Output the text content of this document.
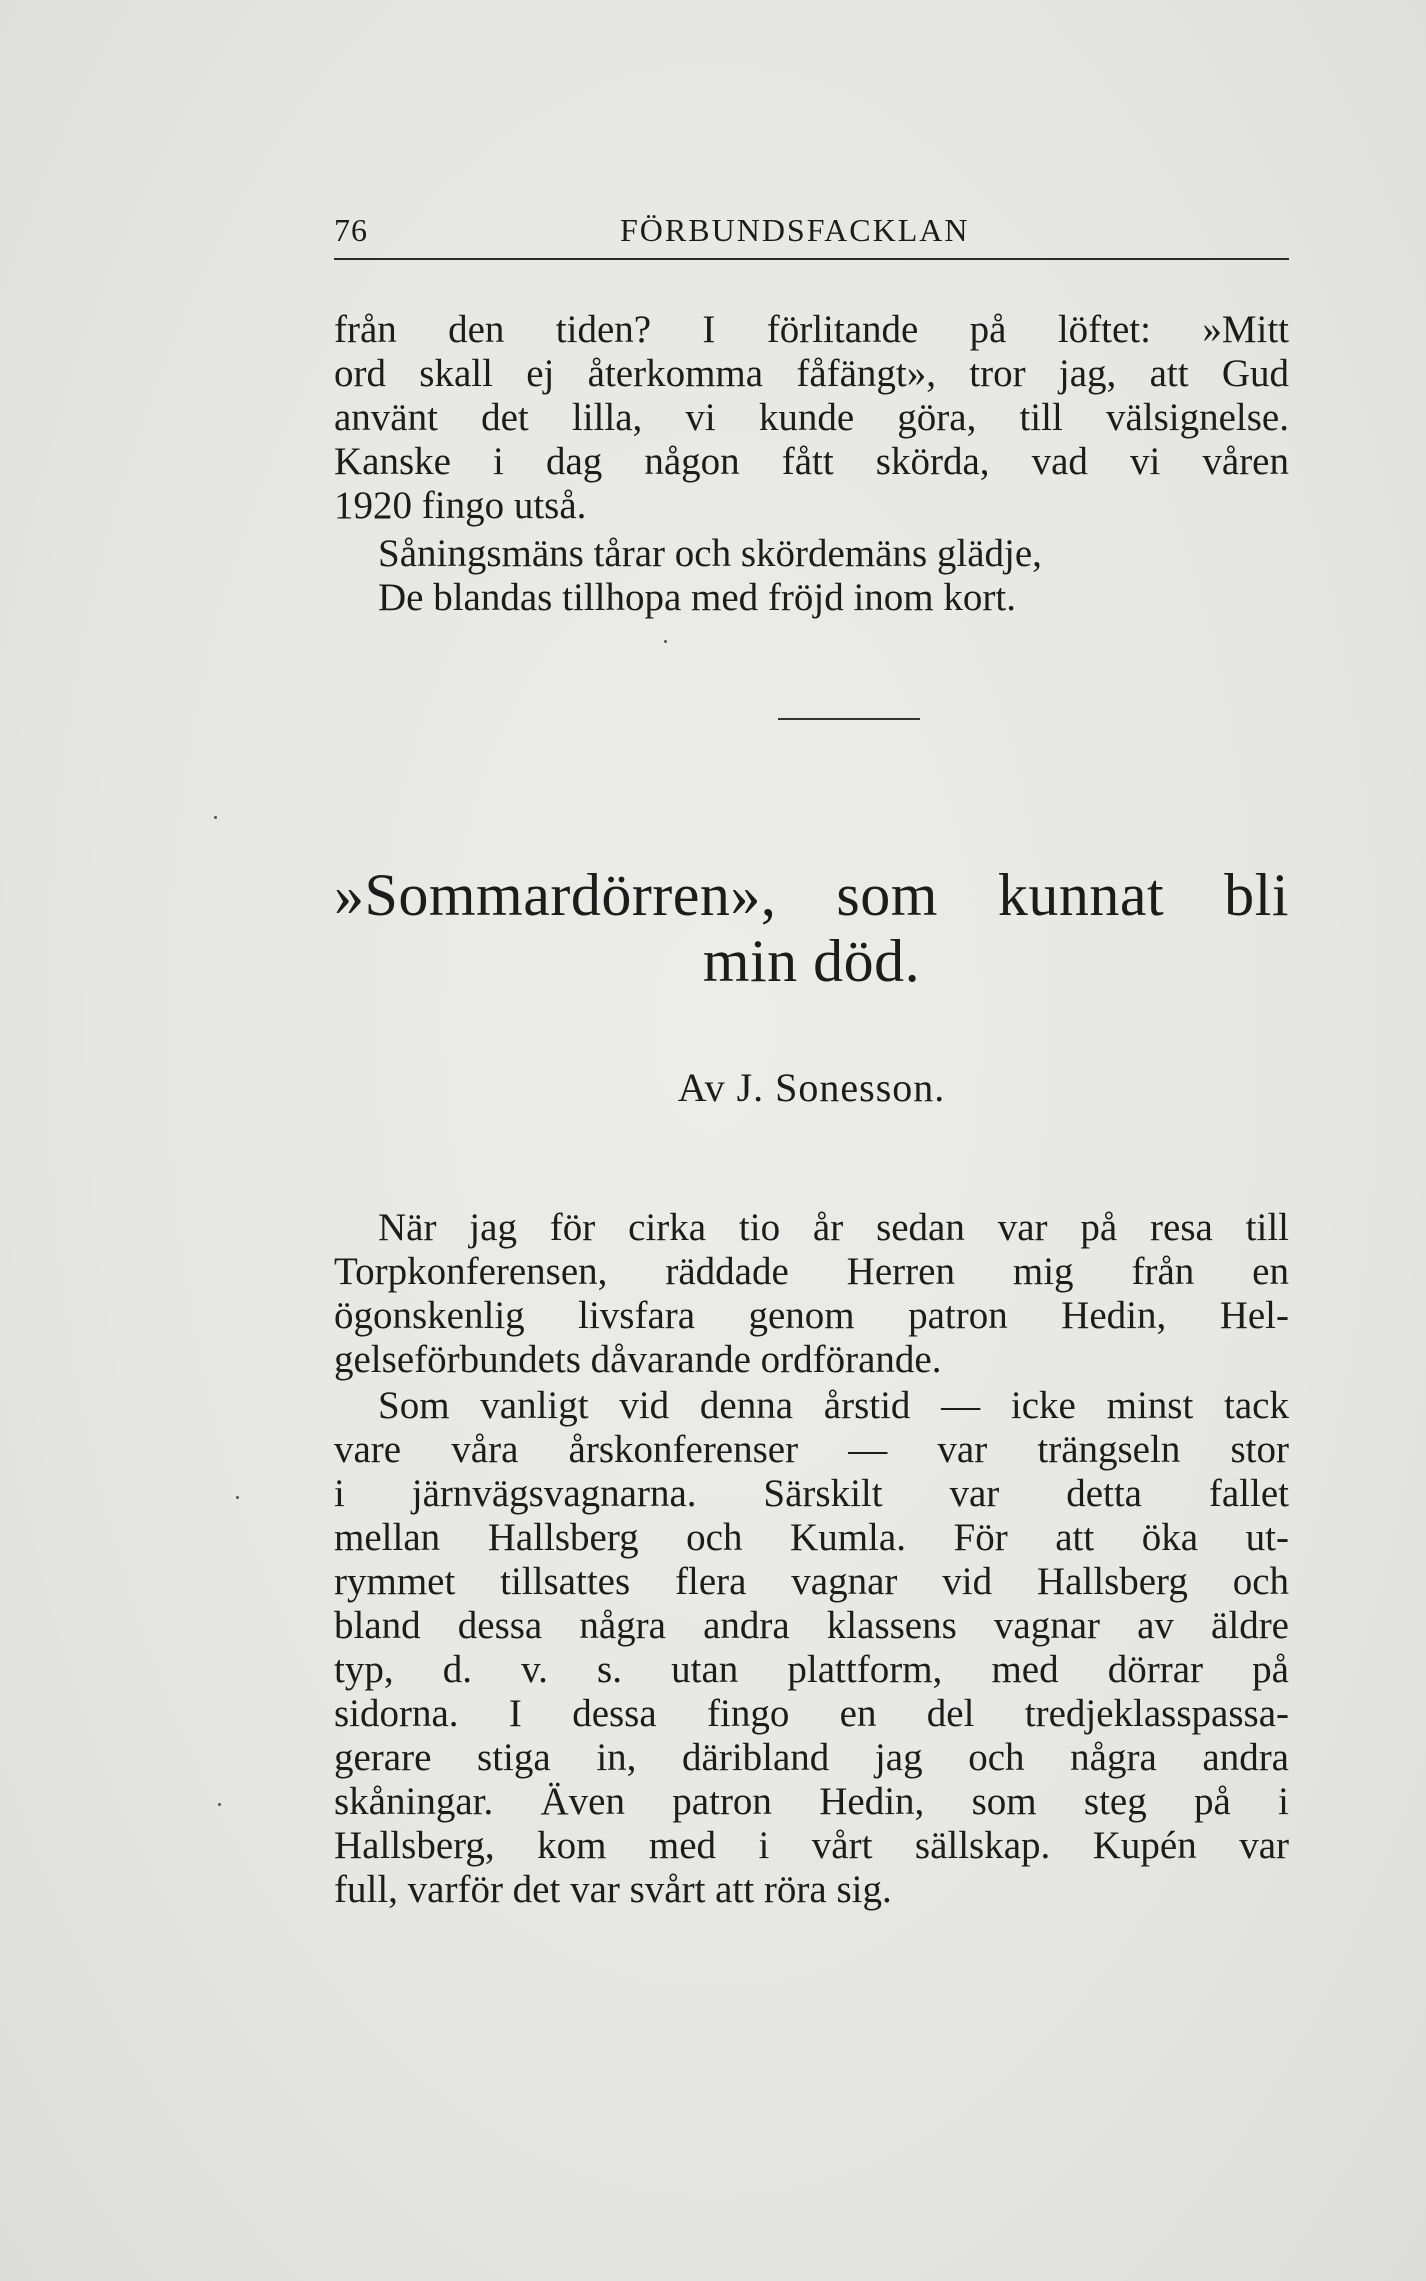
76	FÖRBUNDSFACKLAN
från den tiden? I förlitande på löftet: »Mitt
ord skall ej återkomma fåfängt», tror jag, att Gud
använt det lilla, vi kunde göra, till välsignelse.
Kanske i dag någon fått skörda, vad vi våren
1920 fingo utså.
Såningsmäns tårar och skördemäns glädje,
De blandas tillhopa med fröjd inom kort.
»Sommardörren», som kunnat bli
min död.
Av J. Sonesson.
När jag för cirka tio år sedan var på resa till
Torpkonferensen, räddade Herren mig från en
ögonskenlig livsfara genom patron Hedin, Hel-
gelseförbundets dåvarande ordförande.
Som vanligt vid denna årstid — icke minst tack
vare våra årskonferenser — var trängseln stor
i järnvägsvagnarna. Särskilt var detta fallet
mellan Hallsberg och Kumla. För att öka ut-
rymmet tillsattes flera vagnar vid Hallsberg och
bland dessa några andra klassens vagnar av äldre
typ, d. v. s. utan plattform, med dörrar på
sidorna. I dessa fingo en del tredjeklasspassa-
gerare stiga in, däribland jag och några andra
skåningar. Även patron Hedin, som steg på i
Hallsberg, kom med i vårt sällskap. Kupén var
full, varför det var svårt att röra sig.
